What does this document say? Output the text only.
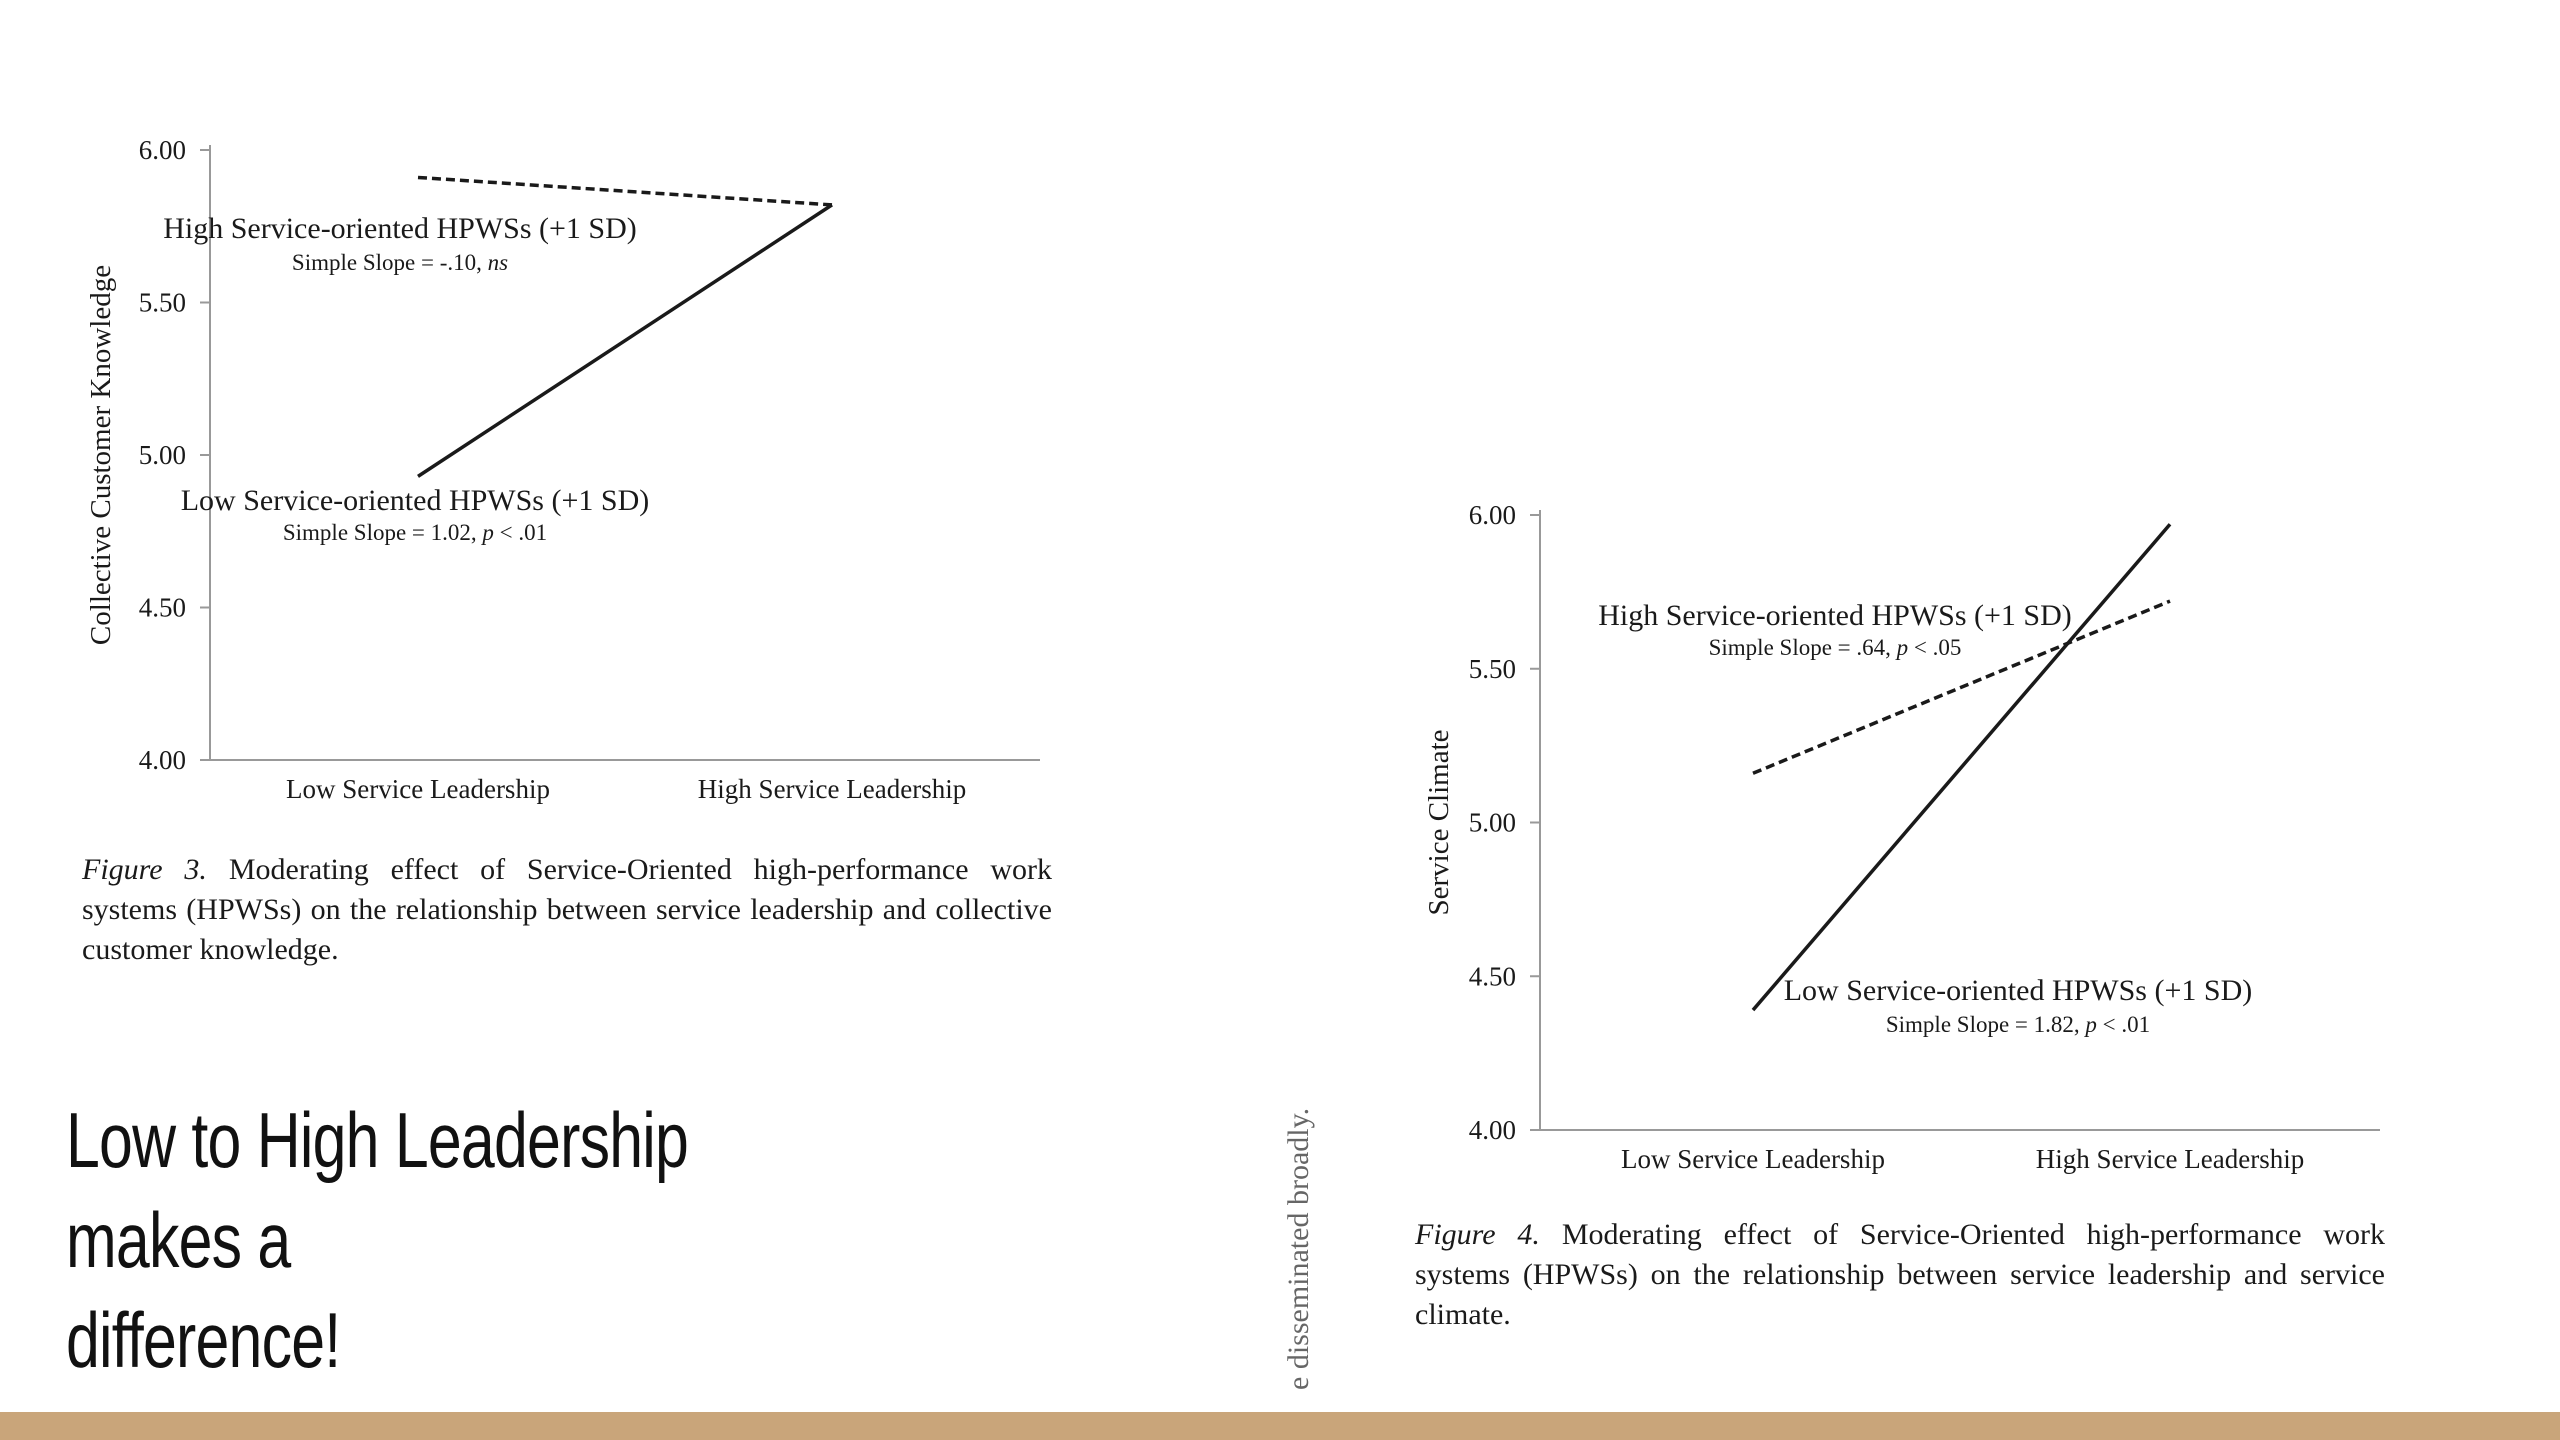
4.00
4.50
5.00
5.50
6.00
Low Service Leadership	High Service Leadership
Collective Customer Knowledge
High Service-oriented HPWSs (+1 SD)
Simple Slope = -.10, ns
Low Service-oriented HPWSs (+1 SD)
Simple Slope = 1.02, p < .01
Figure 3. Moderating effect of Service-Oriented high-performance work systems (HPWSs) on the relationship between service leadership and collective customer knowledge.
4.00
4.50
5.00
5.50
6.00
Low Service Leadership	High Service Leadership
Service Climate
High Service-oriented HPWSs (+1 SD)
Simple Slope = .64, p < .05
Low Service-oriented HPWSs (+1 SD)
Simple Slope = 1.82, p < .01
Figure 4. Moderating effect of Service-Oriented high-performance work systems (HPWSs) on the relationship between service leadership and service climate.
Low to High Leadership makes a
difference!	e disseminated broadly.
